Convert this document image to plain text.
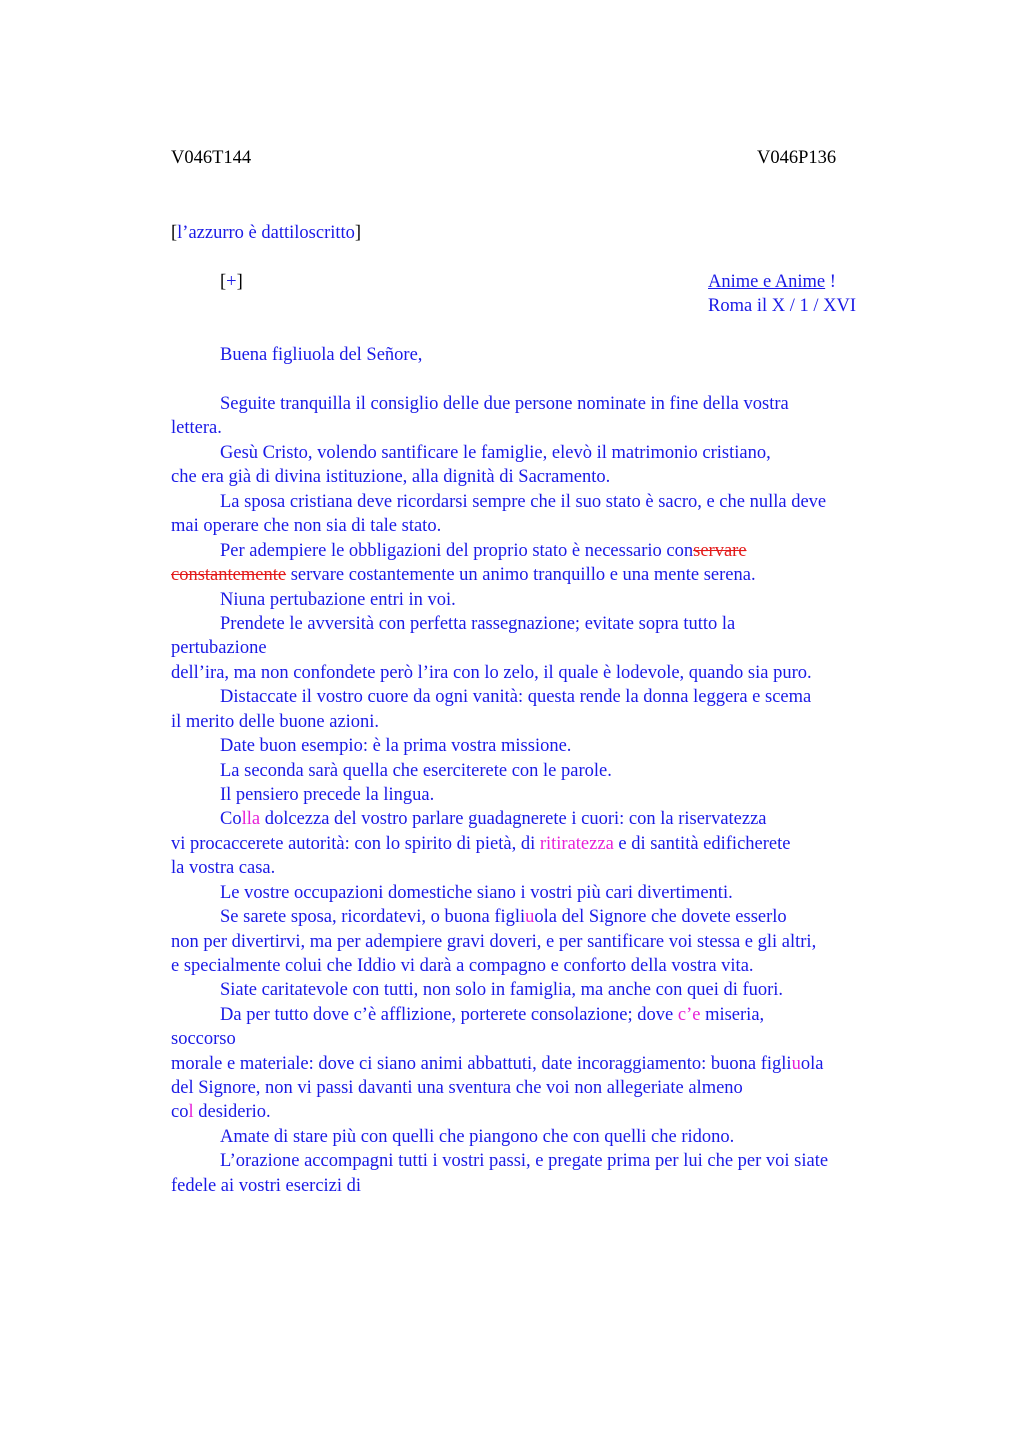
V046T144	V046P136
[l’azzurro è dattiloscritto]
[+]	Anime e Anime !
Roma il X / 1 / XVI
Buena figliuola del Señore,
Seguite tranquilla il consiglio delle due persone nominate in fine della vostra
lettera.
Gesù Cristo, volendo santificare le famiglie, elevò il matrimonio cristiano,
che era già di divina istituzione, alla dignità di Sacramento.
La sposa cristiana deve ricordarsi sempre che il suo stato è sacro, e che nulla deve
mai operare che non sia di tale stato.
Per adempiere le obbligazioni del proprio stato è necessario conservare
constantemente servare costantemente un animo tranquillo e una mente serena.
Niuna pertubazione entri in voi.
Prendete le avversità con perfetta rassegnazione; evitate sopra tutto la
pertubazione
dell’ira, ma non confondete però l’ira con lo zelo, il quale è lodevole, quando sia puro.
Distaccate il vostro cuore da ogni vanità: questa rende la donna leggera e scema
il merito delle buone azioni.
Date buon esempio: è la prima vostra missione.
La seconda sarà quella che eserciterete con le parole.
Il pensiero precede la lingua.
Colla dolcezza del vostro parlare guadagnerete i cuori: con la riservatezza
vi procaccerete autorità: con lo spirito di pietà, di ritiratezza e di santità edificherete
la vostra casa.
Le vostre occupazioni domestiche siano i vostri più cari divertimenti.
Se sarete sposa, ricordatevi, o buona figliuola del Signore che dovete esserlo
non per divertirvi, ma per adempiere gravi doveri, e per santificare voi stessa e gli altri,
e specialmente colui che Iddio vi darà a compagno e conforto della vostra vita.
Siate caritatevole con tutti, non solo in famiglia, ma anche con quei di fuori.
Da per tutto dove c’è afflizione, porterete consolazione; dove c’e miseria,
soccorso
morale e materiale: dove ci siano animi abbattuti, date incoraggiamento: buona figliuola
del Signore, non vi passi davanti una sventura che voi non allegeriate almeno
col desiderio.
Amate di stare più con quelli che piangono che con quelli che ridono.
L’orazione accompagni tutti i vostri passi, e pregate prima per lui che per voi siate
fedele ai vostri esercizi di
